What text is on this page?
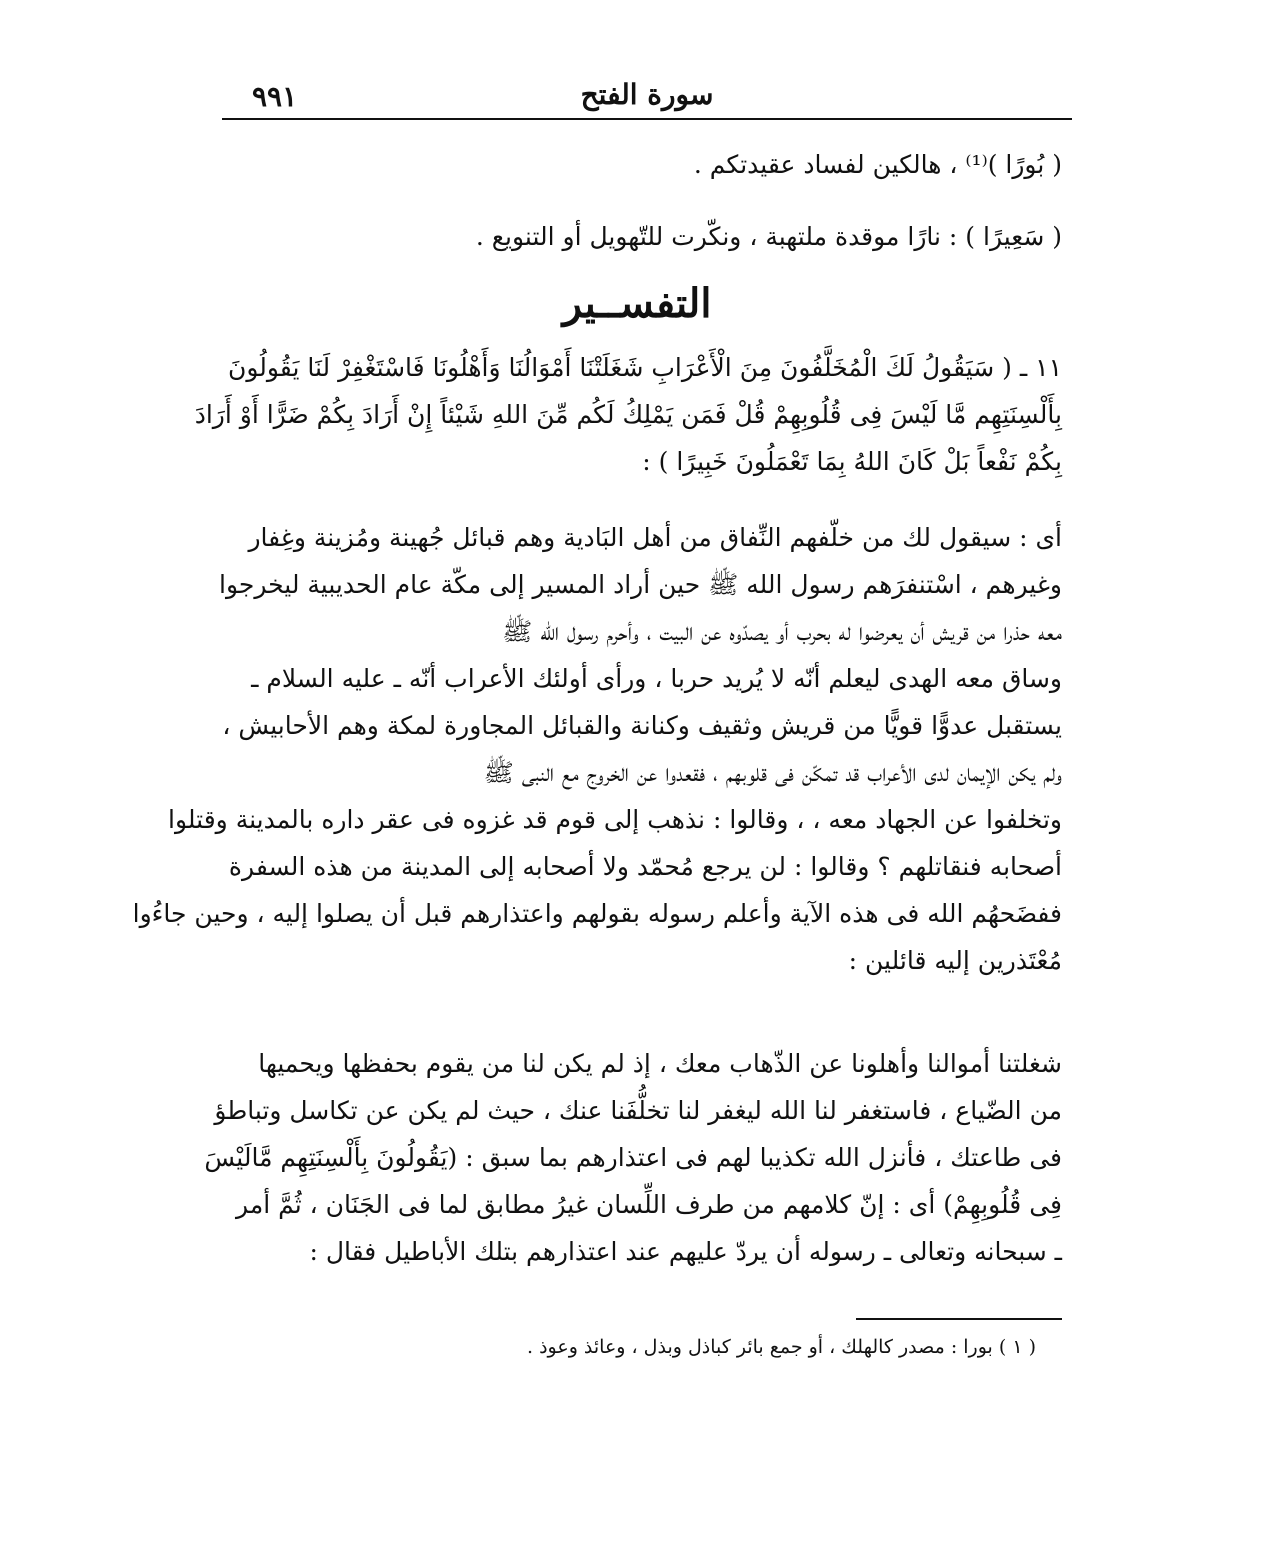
٩٩١	سورة الفتح
( بُورًا )⁽¹⁾ ، هالكين لفساد عقيدتكم .
( سَعِيرًا ) : نارًا موقدة ملتهبة ، ونكّرت للتّهويل أو التنويع .
التفســير
١١ ـ ( سَيَقُولُ لَكَ الْمُخَلَّفُونَ مِنَ الْأَعْرَابِ شَغَلَتْنَا أَمْوَالُنَا وَأَهْلُونَا فَاسْتَغْفِرْ لَنَا يَقُولُونَ
بِأَلْسِنَتِهِم مَّا لَيْسَ فِى قُلُوبِهِمْ قُلْ فَمَن يَمْلِكُ لَكُم مِّنَ اللهِ شَيْئاً إِنْ أَرَادَ بِكُمْ ضَرًّا أَوْ أَرَادَ
بِكُمْ نَفْعاً بَلْ كَانَ اللهُ بِمَا تَعْمَلُونَ خَبِيرًا ) :
أى : سيقول لك من خلّفهم النِّفاق من أهل البَادية وهم قبائل جُهينة ومُزينة وغِفار
وغيرهم ، اسْتنفرَهم رسول الله ﷺ حين أراد المسير إلى مكّة عام الحديبية ليخرجوا
معه حذرا من قريش أن يعرضوا له بحرب أو يصدّوه عن البيت ، وأحرم رسول الله ﷺ
وساق معه الهدى ليعلم أنّه لا يُريد حربا ، ورأى أولئك الأعراب أنّه ـ عليه السلام ـ
يستقبل عدوًّا قويًّا من قريش وثقيف وكنانة والقبائل المجاورة لمكة وهم الأحابيش ،
ولم يكن الإيمان لدى الأعراب قد تمكّن فى قلوبهم ، فقعدوا عن الخروج مع النبى ﷺ
وتخلفوا عن الجهاد معه ، ، وقالوا : نذهب إلى قوم قد غزوه فى عقر داره بالمدينة وقتلوا
أصحابه فنقاتلهم ؟ وقالوا : لن يرجع مُحمّد ولا أصحابه إلى المدينة من هذه السفرة
ففضَحهُم الله فى هذه الآية وأعلم رسوله بقولهم واعتذارهم قبل أن يصلوا إليه ، وحين جاءُوا
مُعْتَذرين إليه قائلين :
شغلتنا أموالنا وأهلونا عن الذّهاب معك ، إذ لم يكن لنا من يقوم بحفظها ويحميها
من الضّياع ، فاستغفر لنا الله ليغفر لنا تخلُّفَنا عنك ، حيث لم يكن عن تكاسل وتباطؤ
فى طاعتك ، فأنزل الله تكذيبا لهم فى اعتذارهم بما سبق : (يَقُولُونَ بِأَلْسِنَتِهِم مَّالَيْسَ
فِى قُلُوبِهِمْ) أى : إنّ كلامهم من طرف اللِّسان غيرُ مطابق لما فى الجَنَان ، ثُمَّ أمر
ـ سبحانه وتعالى ـ رسوله أن يردّ عليهم عند اعتذارهم بتلك الأباطيل فقال :
( ١ ) بورا : مصدر كالهلك ، أو جمع بائر كباذل وبذل ، وعائذ وعوذ .
